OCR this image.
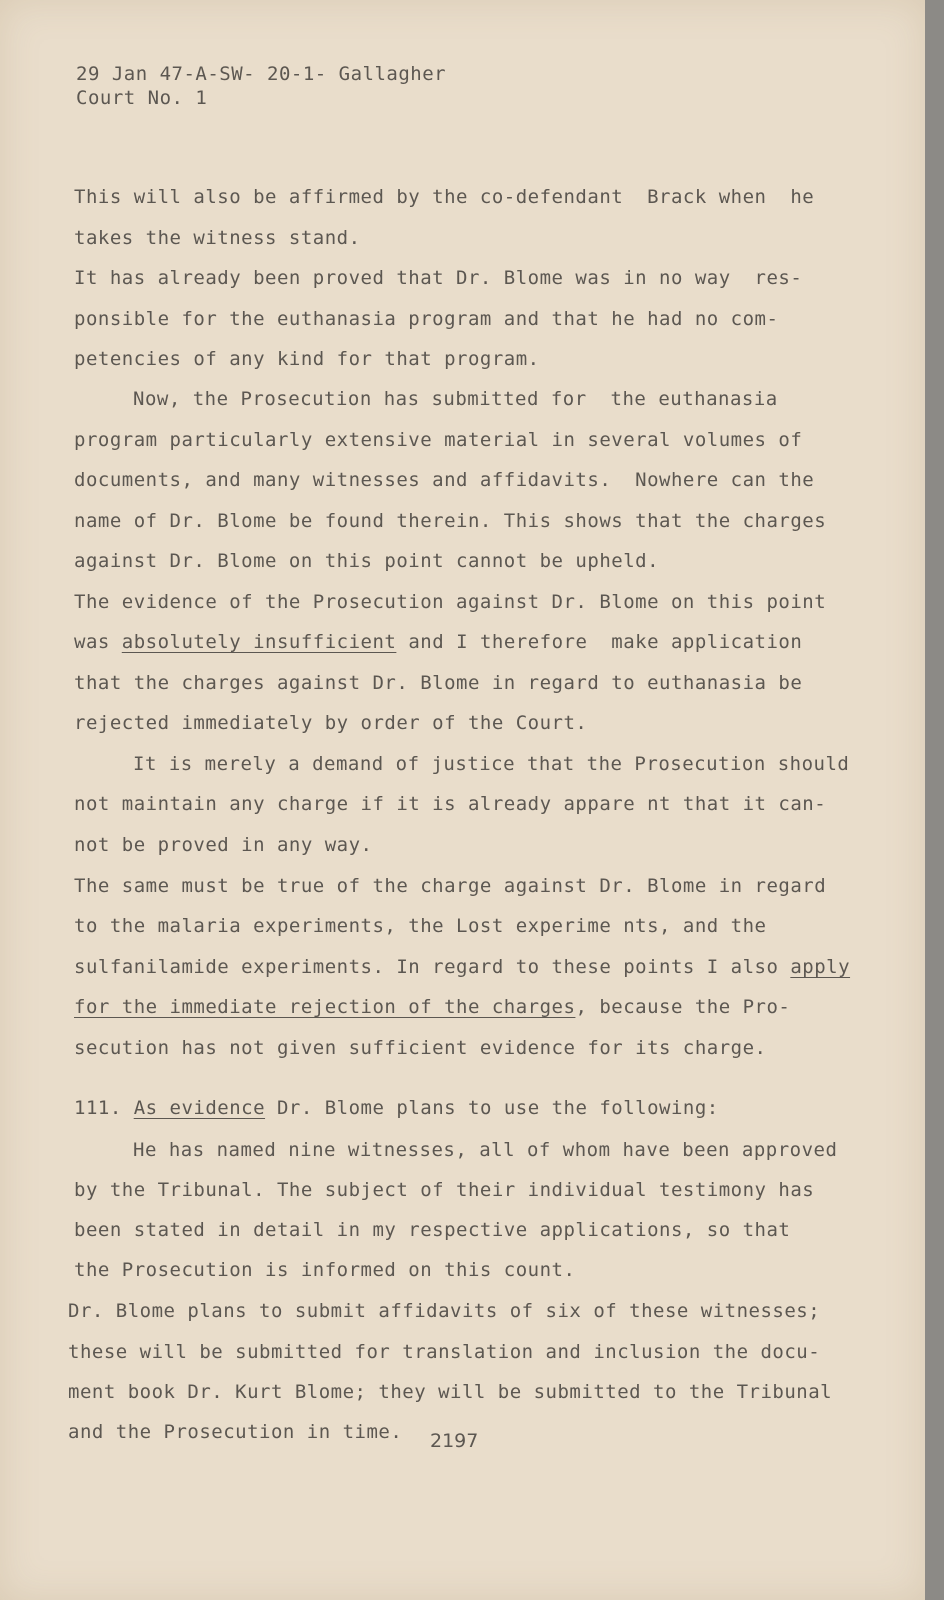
29 Jan 47-A-SW- 20-1- Gallagher
Court No. 1
This will also be affirmed by the co-defendant  Brack when  he
takes the witness stand.
It has already been proved that Dr. Blome was in no way  res-
ponsible for the euthanasia program and that he had no com-
petencies of any kind for that program.
Now, the Prosecution has submitted for  the euthanasia
program particularly extensive material in several volumes of
documents, and many witnesses and affidavits.  Nowhere can the
name of Dr. Blome be found therein. This shows that the charges
against Dr. Blome on this point cannot be upheld.
The evidence of the Prosecution against Dr. Blome on this point
was absolutely insufficient and I therefore  make application
that the charges against Dr. Blome in regard to euthanasia be
rejected immediately by order of the Court.
It is merely a demand of justice that the Prosecution should
not maintain any charge if it is already appare nt that it can-
not be proved in any way.
The same must be true of the charge against Dr. Blome in regard
to the malaria experiments, the Lost experime nts, and the
sulfanilamide experiments. In regard to these points I also apply
for the immediate rejection of the charges, because the Pro-
secution has not given sufficient evidence for its charge.
111. As evidence Dr. Blome plans to use the following:
He has named nine witnesses, all of whom have been approved
by the Tribunal. The subject of their individual testimony has
been stated in detail in my respective applications, so that
the Prosecution is informed on this count.
Dr. Blome plans to submit affidavits of six of these witnesses;
these will be submitted for translation and inclusion the docu-
ment book Dr. Kurt Blome; they will be submitted to the Tribunal
and the Prosecution in time. 2197
